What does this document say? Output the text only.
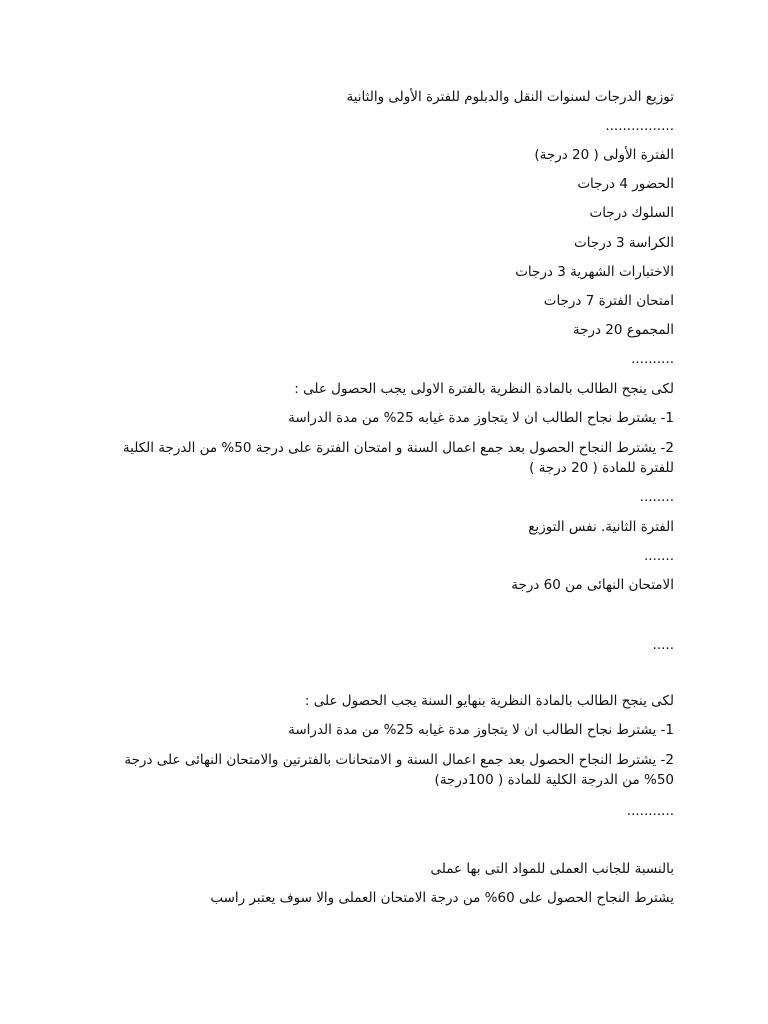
توزيع الدرجات لسنوات النقل والدبلوم للفترة الأولى والثانية
................
الفترة الأولى ( 20 درجة)
الحضور 4 درجات
السلوك درجات
الكراسة 3 درجات
الاختبارات الشهرية 3 درجات
امتحان الفترة 7 درجات
المجموع 20 درجة
..........
لكى ينجح الطالب بالمادة النظرية بالفترة الاولى يجب الحصول على :
1- يشترط نجاح الطالب ان لا يتجاوز مدة غيابه 25% من مدة الدراسة
2- يشترط النجاح الحصول بعد جمع اعمال السنة و امتحان الفترة على درجة 50% من الدرجة الكلية للفترة للمادة ( 20 درجة )
........
الفترة الثانية. نفس التوزيع
.......
الامتحان النهائى من 60 درجة
.....
لكى ينجح الطالب بالمادة النظرية بنهايو السنة يجب الحصول على :
1- يشترط نجاح الطالب ان لا يتجاوز مدة غيابه 25% من مدة الدراسة
2- يشترط النجاح الحصول بعد جمع اعمال السنة و الامتحانات بالفترتين والامتحان النهائى على درجة 50% من الدرجة الكلية للمادة ( 100درجة)
...........
بالنسبة للجانب العملى للمواد التى بها عملى
يشترط النجاح الحصول على 60% من درجة الامتحان العملى والا سوف يعتبر راسب
